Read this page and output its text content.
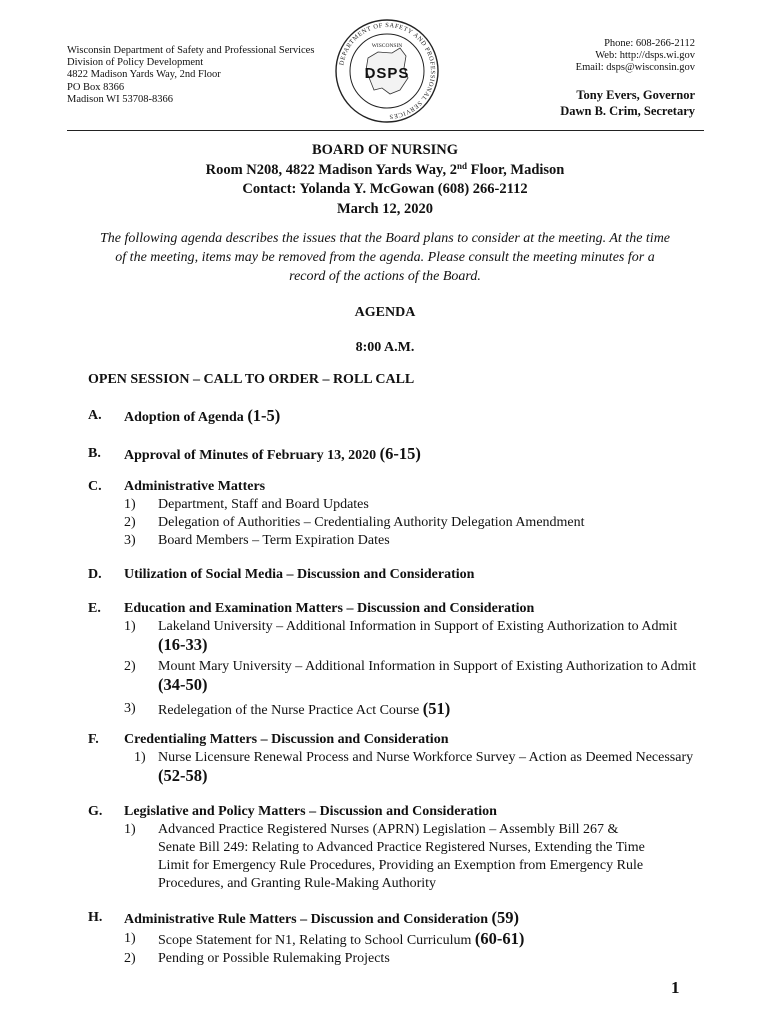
Wisconsin Department of Safety and Professional Services
Division of Policy Development
4822 Madison Yards Way, 2nd Floor
PO Box 8366
Madison WI 53708-8366
DEPARTMENT OF SAFETY AND PROFESSIONAL SERVICES
WISCONSIN
DSPS
Phone: 608-266-2112
Web: http://dsps.wi.gov
Email: dsps@wisconsin.gov
Tony Evers, Governor
Dawn B. Crim, Secretary
BOARD OF NURSING
Room N208, 4822 Madison Yards Way, 2nd Floor, Madison
Contact: Yolanda Y. McGowan (608) 266-2112
March 12, 2020
The following agenda describes the issues that the Board plans to consider at the meeting. At the time of the meeting, items may be removed from the agenda. Please consult the meeting minutes for a record of the actions of the Board.
AGENDA
8:00 A.M.
OPEN SESSION – CALL TO ORDER – ROLL CALL
A. Adoption of Agenda (1-5)
B. Approval of Minutes of February 13, 2020 (6-15)
C. Administrative Matters
1) Department, Staff and Board Updates
2) Delegation of Authorities – Credentialing Authority Delegation Amendment
3) Board Members – Term Expiration Dates
D. Utilization of Social Media – Discussion and Consideration
E. Education and Examination Matters – Discussion and Consideration
1) Lakeland University – Additional Information in Support of Existing Authorization to Admit (16-33)
2) Mount Mary University – Additional Information in Support of Existing Authorization to Admit (34-50)
3) Redelegation of the Nurse Practice Act Course (51)
F. Credentialing Matters – Discussion and Consideration
1) Nurse Licensure Renewal Process and Nurse Workforce Survey – Action as Deemed Necessary (52-58)
G. Legislative and Policy Matters – Discussion and Consideration
1) Advanced Practice Registered Nurses (APRN) Legislation – Assembly Bill 267 & Senate Bill 249: Relating to Advanced Practice Registered Nurses, Extending the Time Limit for Emergency Rule Procedures, Providing an Exemption from Emergency Rule Procedures, and Granting Rule-Making Authority
H. Administrative Rule Matters – Discussion and Consideration (59)
1) Scope Statement for N1, Relating to School Curriculum (60-61)
2) Pending or Possible Rulemaking Projects
1
